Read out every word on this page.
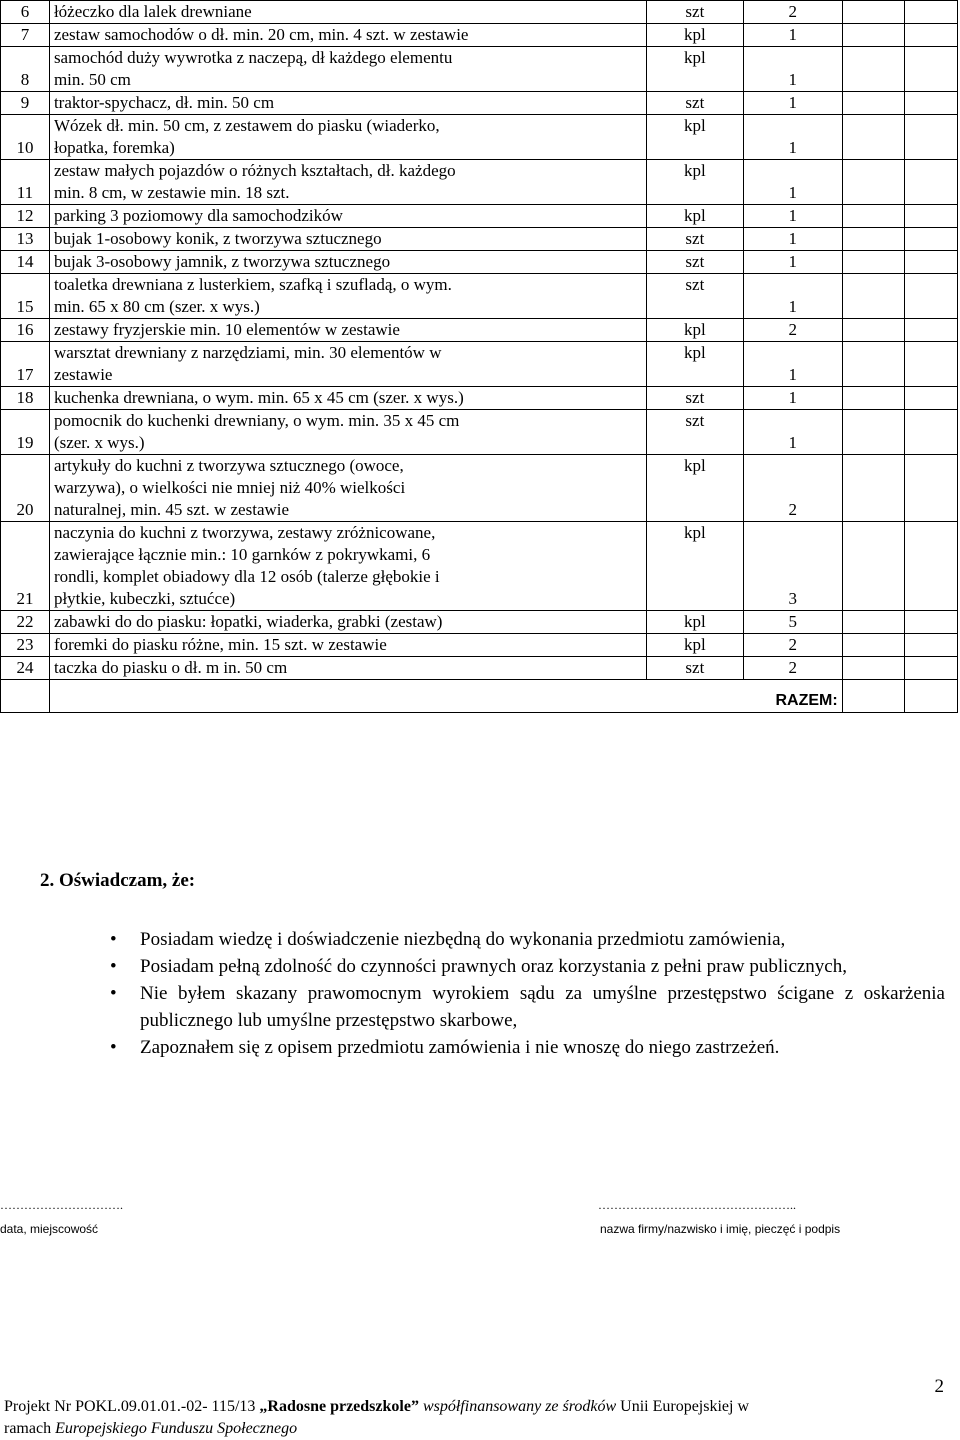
6	łóżeczko dla lalek drewniane	szt	2		
7	zestaw samochodów o dł. min. 20 cm, min. 4 szt. w zestawie	kpl	1		
8	samochód duży wywrotka z naczepą, dł każdego elementu
min. 50 cm	kpl	1		
9	traktor-spychacz, dł. min. 50 cm	szt	1		
10	Wózek dł. min. 50 cm, z zestawem do piasku (wiaderko,
łopatka, foremka)	kpl	1		
11	zestaw małych pojazdów o różnych kształtach, dł. każdego
min. 8 cm, w zestawie min. 18 szt.	kpl	1		
12	parking 3 poziomowy dla samochodzików	kpl	1		
13	bujak 1-osobowy konik, z tworzywa sztucznego	szt	1		
14	bujak 3-osobowy jamnik, z tworzywa sztucznego	szt	1		
15	toaletka drewniana z lusterkiem, szafką i szufladą, o wym.
min. 65 x 80 cm (szer. x wys.)	szt	1		
16	zestawy fryzjerskie min. 10 elementów w zestawie	kpl	2		
17	warsztat drewniany z narzędziami, min. 30 elementów w
zestawie	kpl	1		
18	kuchenka drewniana, o wym. min. 65 x 45 cm (szer. x wys.)	szt	1		
19	pomocnik do kuchenki drewniany, o wym. min. 35 x 45 cm
(szer. x wys.)	szt	1		
20	artykuły do kuchni z tworzywa sztucznego (owoce,
warzywa), o wielkości nie mniej niż 40% wielkości
naturalnej, min. 45 szt. w zestawie	kpl	2		
21	naczynia do kuchni z tworzywa, zestawy zróżnicowane,
zawierające łącznie min.: 10 garnków z pokrywkami, 6
rondli, komplet obiadowy dla 12 osób (talerze głębokie i
płytkie, kubeczki, sztućce)	kpl	3		
22	zabawki do do piasku: łopatki, wiaderka, grabki (zestaw)	kpl	5		
23	foremki do piasku różne, min. 15 szt. w zestawie	kpl	2		
24	taczka do piasku o dł. m in. 50 cm	szt	2		
	RAZEM:				
2. Oświadczam, że:
• Posiadam wiedzę i doświadczenie niezbędną do wykonania przedmiotu zamówienia,
• Posiadam pełną zdolność do czynności prawnych oraz korzystania z pełni praw publicznych,
• Nie byłem skazany prawomocnym wyrokiem sądu za umyślne przestępstwo ścigane z oskarżenia publicznego lub umyślne przestępstwo skarbowe,
• Zapoznałem się z opisem przedmiotu zamówienia i nie wnoszę do niego zastrzeżeń.
………………………….
data, miejscowość
…………………………………………..
nazwa firmy/nazwisko i imię, pieczęć i podpis
2
Projekt Nr POKL.09.01.01.-02- 115/13 „Radosne przedszkole” współfinansowany ze środków Unii Europejskiej w
ramach Europejskiego Funduszu Społecznego
